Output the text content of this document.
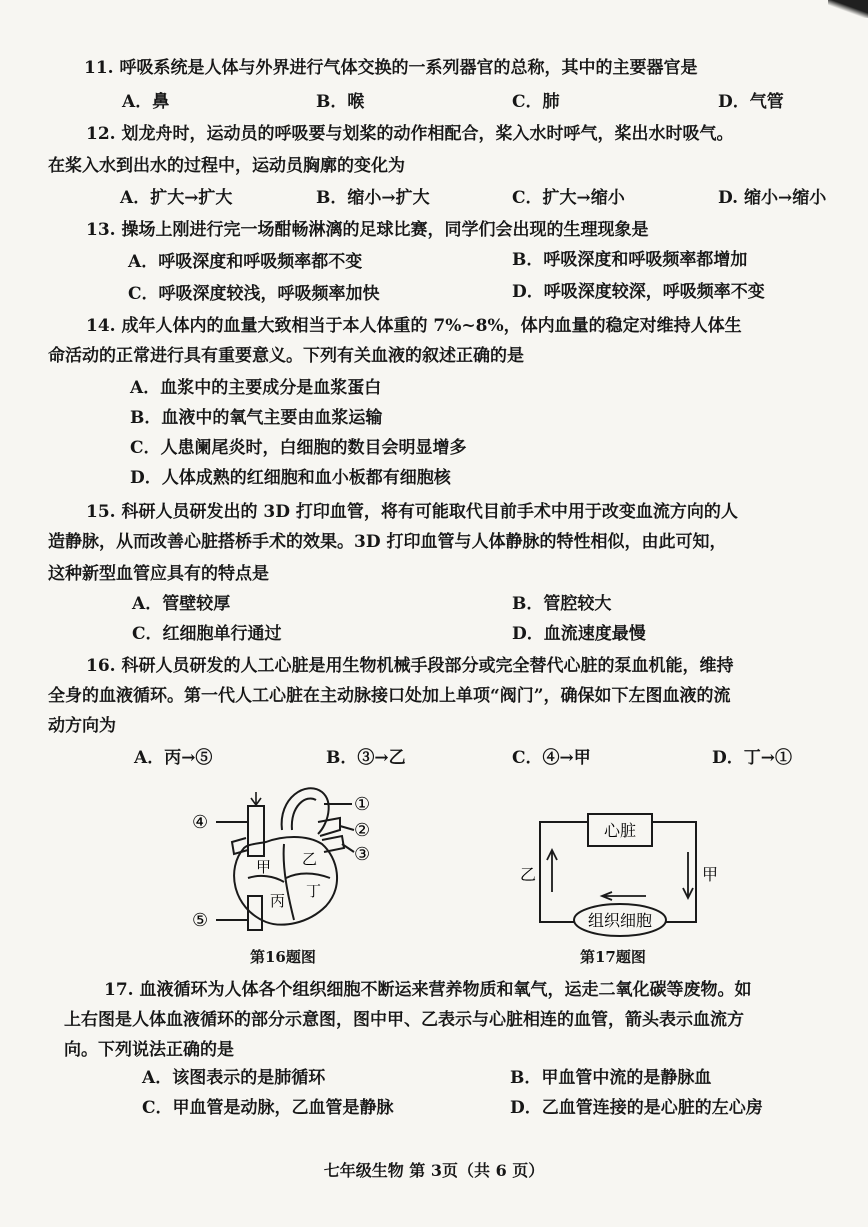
11. 呼吸系统是人体与外界进行气体交换的一系列器官的总称，其中的主要器官是
A．鼻	B．喉	C．肺	D．气管
12. 划龙舟时，运动员的呼吸要与划桨的动作相配合，桨入水时呼气，桨出水时吸气。
在桨入水到出水的过程中，运动员胸廓的变化为
A．扩大→扩大	B．缩小→扩大	C．扩大→缩小	D. 缩小→缩小
13. 操场上刚进行完一场酣畅淋漓的足球比赛，同学们会出现的生理现象是
A．呼吸深度和呼吸频率都不变	B．呼吸深度和呼吸频率都增加
C．呼吸深度较浅，呼吸频率加快	D．呼吸深度较深，呼吸频率不变
14. 成年人体内的血量大致相当于本人体重的 7%~8%，体内血量的稳定对维持人体生
命活动的正常进行具有重要意义。下列有关血液的叙述正确的是
A．血浆中的主要成分是血浆蛋白
B．血液中的氧气主要由血浆运输
C．人患阑尾炎时，白细胞的数目会明显增多
D．人体成熟的红细胞和血小板都有细胞核
15. 科研人员研发出的 3D 打印血管，将有可能取代目前手术中用于改变血流方向的人
造静脉，从而改善心脏搭桥手术的效果。3D 打印血管与人体静脉的特性相似，由此可知，
这种新型血管应具有的特点是
A．管壁较厚	B．管腔较大
C．红细胞单行通过	D．血流速度最慢
16. 科研人员研发的人工心脏是用生物机械手段部分或完全替代心脏的泵血机能，维持
全身的血液循环。第一代人工心脏在主动脉接口处加上单项“阀门”，确保如下左图血液的流
动方向为
A．丙→⑤	B．③→乙	C．④→甲	D．丁→①
①
②
③
④
⑤
甲 乙
丙
丁
第16题图
心脏
组织细胞
乙	甲
第17题图
17. 血液循环为人体各个组织细胞不断运来营养物质和氧气，运走二氧化碳等废物。如
上右图是人体血液循环的部分示意图，图中甲、乙表示与心脏相连的血管，箭头表示血流方
向。下列说法正确的是
A．该图表示的是肺循环	B．甲血管中流的是静脉血
C．甲血管是动脉，乙血管是静脉	D．乙血管连接的是心脏的左心房
七年级生物 第 3页（共 6 页）
